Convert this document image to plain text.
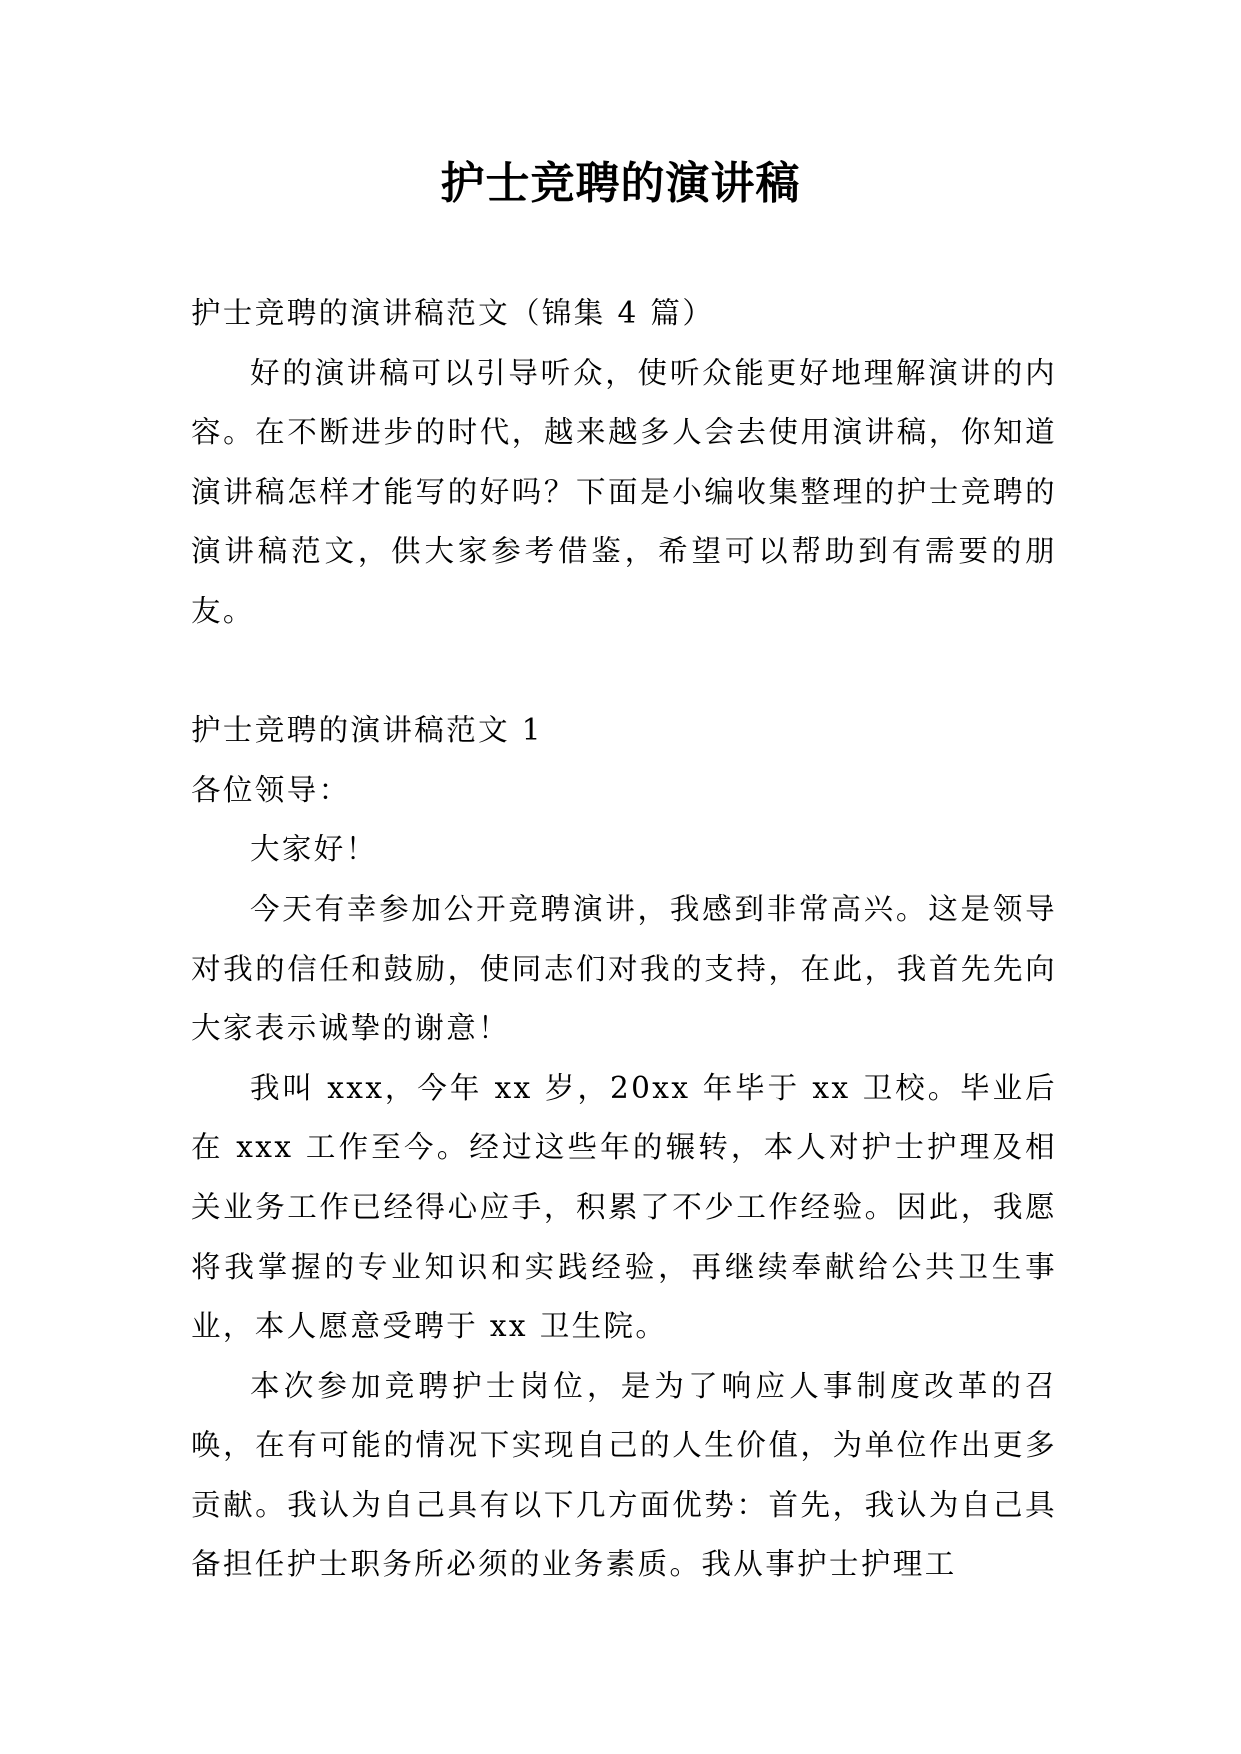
护士竞聘的演讲稿

护士竞聘的演讲稿范文（锦集 4 篇）

好的演讲稿可以引导听众，使听众能更好地理解演讲的内容。在不断进步的时代，越来越多人会去使用演讲稿，你知道演讲稿怎样才能写的好吗？下面是小编收集整理的护士竞聘的演讲稿范文，供大家参考借鉴，希望可以帮助到有需要的朋友。

护士竞聘的演讲稿范文 1

各位领导：

大家好！

今天有幸参加公开竞聘演讲，我感到非常高兴。这是领导对我的信任和鼓励，使同志们对我的支持，在此，我首先先向大家表示诚挚的谢意！

我叫 xxx，今年 xx 岁，20xx 年毕于 xx 卫校。毕业后在 xxx 工作至今。经过这些年的辗转，本人对护士护理及相关业务工作已经得心应手，积累了不少工作经验。因此，我愿将我掌握的专业知识和实践经验，再继续奉献给公共卫生事业，本人愿意受聘于 xx 卫生院。

本次参加竞聘护士岗位，是为了响应人事制度改革的召唤，在有可能的情况下实现自己的人生价值，为单位作出更多贡献。我认为自己具有以下几方面优势：首先，我认为自己具备担任护士职务所必须的业务素质。我从事护士护理工
